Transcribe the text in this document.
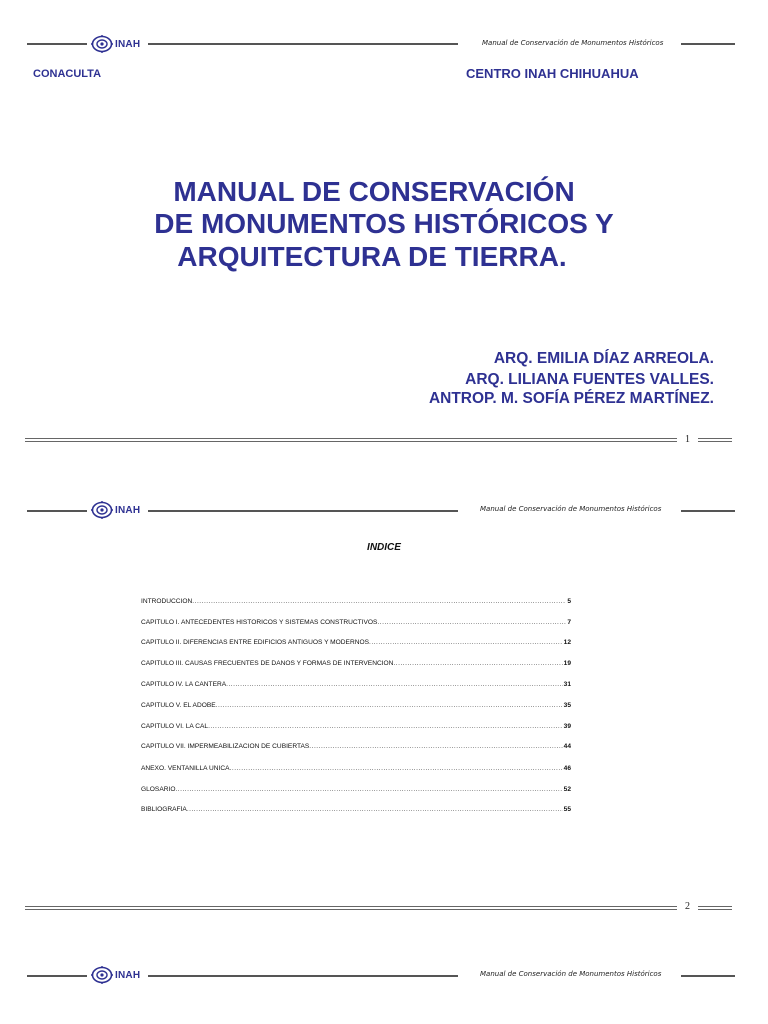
INAH	Manual de Conservación de Monumentos Históricos
CONACULTA	CENTRO INAH CHIHUAHUA
MANUAL DE CONSERVACIÓN
DE MONUMENTOS HISTÓRICOS Y
ARQUITECTURA DE TIERRA.
ARQ. EMILIA DÍAZ ARREOLA.
ARQ. LILIANA FUENTES VALLES.
ANTROP. M. SOFÍA PÉREZ MARTÍNEZ.
1
INAH	Manual de Conservación de Monumentos Históricos
INDICE
INTRODUCCIÓN .....	5
CAPÍTULO I. ANTECEDENTES HISTÓRICOS Y SISTEMAS CONSTRUCTIVOS .....	7
CAPÍTULO II. DIFERENCIAS ENTRE EDIFICIOS ANTIGUOS Y MODERNOS .....	12
CAPÍTULO III. CAUSAS FRECUENTES DE DAÑOS Y FORMAS DE INTERVENCIÓN .....	19
CAPÍTULO IV. LA CANTERA .....	31
CAPÍTULO V. EL ADOBE .....	35
CAPÍTULO VI. LA CAL .....	39
CAPÍTULO VII. IMPERMEABILIZACIÓN DE CUBIERTAS .....	44
ANEXO. VENTANILLA ÚNICA .....	46
GLOSARIO .....	52
BIBLIOGRAFÍA .....	55
2
INAH	Manual de Conservación de Monumentos Históricos
